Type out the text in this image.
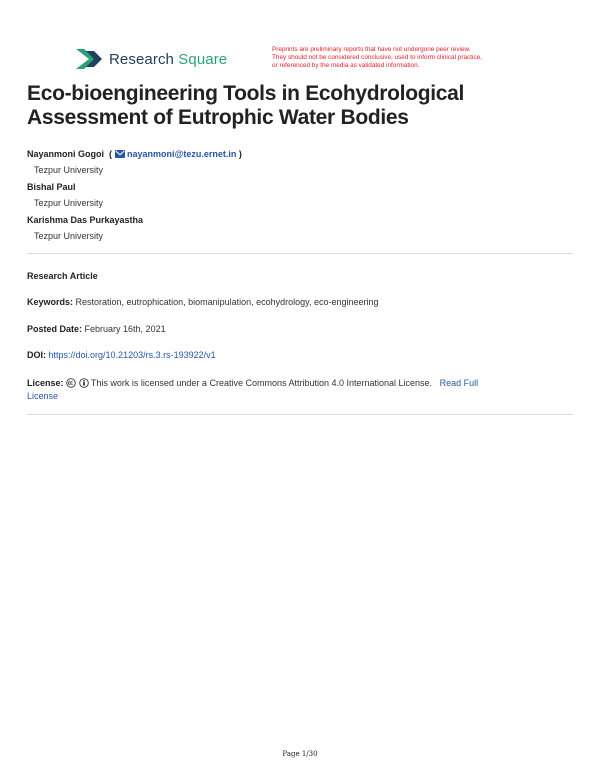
Research Square
Preprints are preliminary reports that have not undergone peer review.
They should not be considered conclusive, used to inform clinical practice,
or referenced by the media as validated information.
Eco-bioengineering Tools in Ecohydrological Assessment of Eutrophic Water Bodies
Nayanmoni Gogoi  (  nayanmoni@tezu.ernet.in )
Tezpur University
Bishal Paul
Tezpur University
Karishma Das Purkayastha
Tezpur University
Research Article
Keywords: Restoration, eutrophication, biomanipulation, ecohydrology, eco-engineering
Posted Date: February 16th, 2021
DOI: https://doi.org/10.21203/rs.3.rs-193922/v1
License:	This work is licensed under a Creative Commons Attribution 4.0 International License. Read Full
License
Page 1/30
